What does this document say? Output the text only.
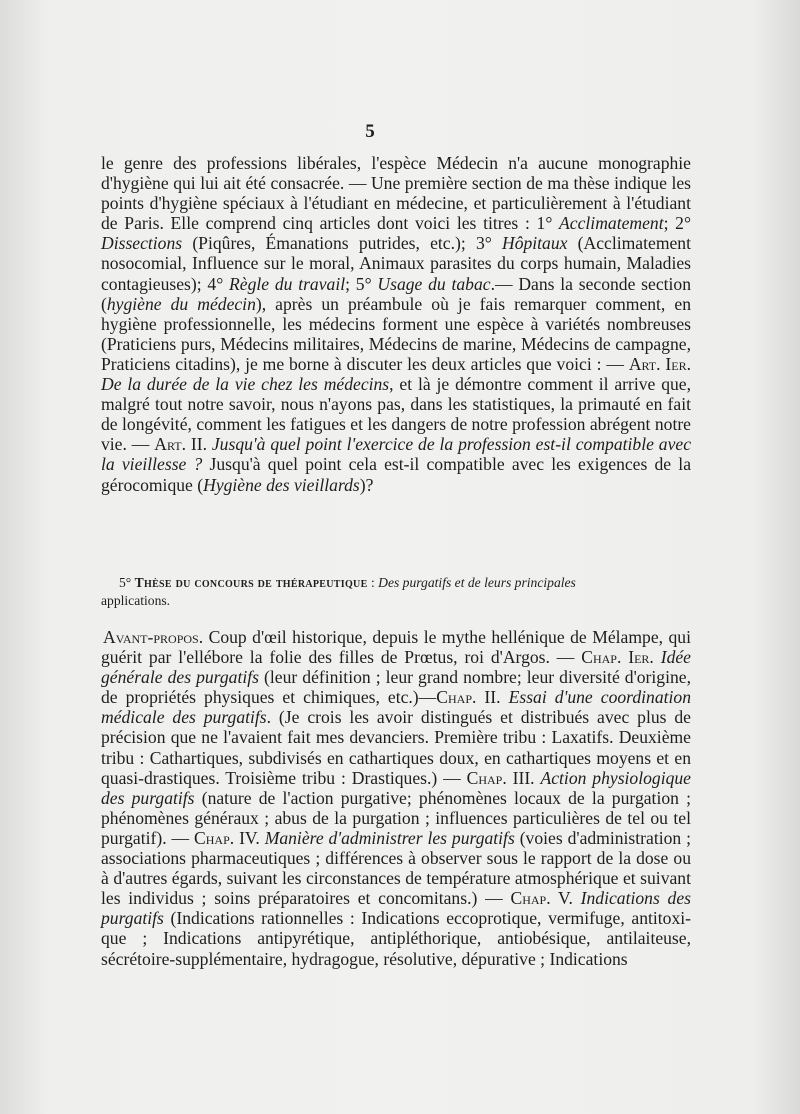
5

le genre des professions libérales, l'espèce Médecin n'a aucune monographie d'hygiène qui lui ait été consacrée. — Une première section de ma thèse indique les points d'hygiène spéciaux à l'étudiant en médecine, et particulièrement à l'étudiant de Paris. Elle comprend cinq articles dont voici les titres : 1° Acclimatement; 2° Dissections (Piqûres, Émanations putrides, etc.); 3° Hôpitaux (Acclimatement nosocomial, Influence sur le moral, Animaux parasites du corps humain, Maladies contagieuses); 4° Règle du travail; 5° Usage du tabac.— Dans la seconde section (hygiène du médecin), après un préambule où je fais remarquer comment, en hygiène professionnelle, les médecins forment une espèce à variétés nombreuses (Praticiens purs, Médecins militaires, Médecins de marine, Médecins de campagne, Praticiens citadins), je me borne à discuter les deux articles que voici : — Art. Ier. De la durée de la vie chez les médecins, et là je démontre comment il arrive que, malgré tout notre savoir, nous n'ayons pas, dans les statistiques, la primauté en fait de longévité, comment les fatigues et les dangers de notre profession abrégent notre vie. — Art. II. Jusqu'à quel point l'exercice de la profession est-il compatible avec la vieillesse ? Jusqu'à quel point cela est-il compatible avec les exigences de la gérocomique (Hygiène des vieillards)?

5° Thèse du concours de thérapeutique : Des purgatifs et de leurs principales
applications.

Avant-propos. Coup d'œil historique, depuis le mythe hellénique de Mélampe, qui guérit par l'ellébore la folie des filles de Prœtus, roi d'Argos. — Chap. Ier. Idée générale des purgatifs (leur définition ; leur grand nombre; leur diversité d'origine, de propriétés physiques et chimiques, etc.)—Chap. II. Essai d'une coordination médicale des purgatifs. (Je crois les avoir distingués et distribués avec plus de précision que ne l'avaient fait mes devanciers. Première tribu : Laxatifs. Deuxième tribu : Cathartiques, subdivisés en cathartiques doux, en cathartiques moyens et en quasi-drastiques. Troisième tribu : Drastiques.) — Chap. III. Action physiologique des purgatifs (nature de l'action purgative; phénomènes locaux de la purgation ; phénomènes généraux ; abus de la purgation ; influences particulières de tel ou tel purgatif). — Chap. IV. Manière d'administrer les purgatifs (voies d'administration ; associations pharmaceutiques ; différences à observer sous le rapport de la dose ou à d'autres égards, suivant les circonstances de température atmosphérique et suivant les individus ; soins préparatoires et concomitans.) — Chap. V. Indications des purgatifs (Indications rationnelles : Indications eccoprotique, vermifuge, antitoxique ; Indications antipyrétique, antipléthorique, antiobésique, antilaiteuse, sécrétoire-supplémentaire, hydragogue, résolutive, dépurative ; Indications
